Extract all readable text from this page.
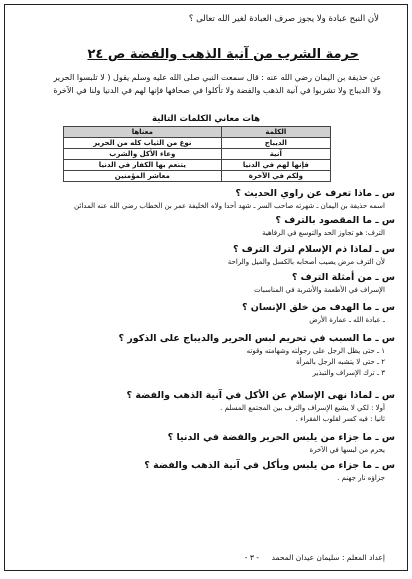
لأن النبح عبادة ولا يجوز صرف العبادة لغير الله تعالى ؟
حرمة الشرب من آنية الذهب والفضة ص ٢٤
عن حذيفة بن اليمان رضي الله عنه : قال سمعت النبي صلى الله عليه وسلم يقول ( لا تلبسوا الحرير ولا الديباج ولا تشربوا في آنية الذهب والفضة ولا تأكلوا في صحافها فإنها لهم في الدنيا ولنا في الآخرة
هات معاني الكلمات التالية
الكلمة	معناها
الديباج	نوع من الثياب كله من الحرير
آنية	وعاء الأكل والشرب
فإنها لهم في الدنيا	يتنعم بها الكفار في الدنيا
ولكم في الآخرة	معاشر المؤمنين
س ـ ماذا تعرف عن راوي الحديث ؟
اسمه حذيفة بن اليمان ـ شهرته صاحب السر ـ شهد أحدا ولاه الخليفة عمر بن الخطاب رضي الله عنه المدائن
س ـ ما المقصود بالترف ؟
الترف: هو تجاوز الحد والتوسع في الرفاهية
س ـ لماذا ذم الإسلام لترك الترف ؟
لأن الترف مرض يصيب أصحابه بالكسل والميل والراحة
س ـ من أمثلة الترف ؟
الإسراف في الأطعمة والأشربة في المناسبات
س ـ ما الهدف من خلق الإنسان ؟
ـ عبادة الله ـ عمارة الأرض
س ـ ما السبب في تحريم لبس الحرير والديباج على الذكور ؟
١ ـ حتى يظل الرجل على رجولته وشهامته وقوته
٢ ـ حتى لا يتشبه الرجل بالمرأة
٣ ـ ترك الإسراف والتبذير
س ـ لماذا نهى الإسلام عن الأكل في آنية الذهب والفضة ؟
أولا : لكي لا يشيع الإسراف والترف بين المجتمع المسلم .
ثانيا : فيه كسر لقلوب الفقراء .
س ـ ما جزاء من يلبس الحرير والفضة في الدنيا ؟
يحرم من لبسها في الآخرة
س ـ ما جزاء من يلبس ويأكل في آنية الذهب والفضة ؟
جزاؤه نار جهنم .
- ٣ - إعداد المعلم : سليمان عيدان المحمد
